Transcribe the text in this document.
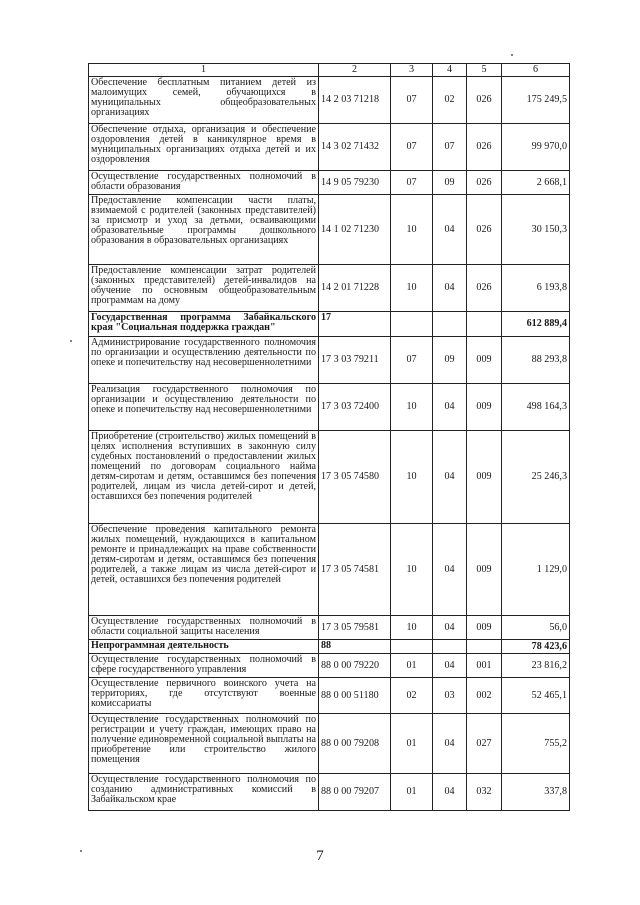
1	2	3	4	5	6
Обеспечение бесплатным питанием детей из малоимущих семей, обучающихся в муниципальных общеобразовательных организациях	14 2 03 71218	07	02	026	175 249,5
Обеспечение отдыха, организация и обеспечение оздоровления детей в каникулярное время в муниципальных организациях отдыха детей и их оздоровления	14 3 02 71432	07	07	026	99 970,0
Осуществление государственных полномочий в области образования	14 9 05 79230	07	09	026	2 668,1
Предоставление компенсации части платы, взимаемой с родителей (законных представителей) за присмотр и уход за детьми, осваивающими образовательные программы дошкольного образования в образовательных организациях	14 1 02 71230	10	04	026	30 150,3
Предоставление компенсации затрат родителей (законных представителей) детей-инвалидов на обучение по основным общеобразовательным программам на дому	14 2 01 71228	10	04	026	6 193,8
Государственная программа Забайкальского края "Социальная поддержка граждан"	17				612 889,4
Администрирование государственного полномочия по организации и осуществлению деятельности по опеке и попечительству над несовершеннолетними	17 3 03 79211	07	09	009	88 293,8
Реализация государственного полномочия по организации и осуществлению деятельности по опеке и попечительству над несовершеннолетними	17 3 03 72400	10	04	009	498 164,3
Приобретение (строительство) жилых помещений в целях исполнения вступивших в законную силу судебных постановлений о предоставлении жилых помещений по договорам социального найма детям-сиротам и детям, оставшимся без попечения родителей, лицам из числа детей-сирот и детей, оставшихся без попечения родителей	17 3 05 74580	10	04	009	25 246,3
Обеспечение проведения капитального ремонта жилых помещений, нуждающихся в капитальном ремонте и принадлежащих на праве собственности детям-сиротам и детям, оставшимся без попечения родителей, а также лицам из числа детей-сирот и детей, оставшихся без попечения родителей	17 3 05 74581	10	04	009	1 129,0
Осуществление государственных полномочий в области социальной защиты населения	17 3 05 79581	10	04	009	56,0
Непрограммная деятельность	88				78 423,6
Осуществление государственных полномочий в сфере государственного управления	88 0 00 79220	01	04	001	23 816,2
Осуществление первичного воинского учета на территориях, где отсутствуют военные комиссариаты	88 0 00 51180	02	03	002	52 465,1
Осуществление государственных полномочий по регистрации и учету граждан, имеющих право на получение единовременной социальной выплаты на приобретение или строительство жилого помещения	88 0 00 79208	01	04	027	755,2
Осуществление государственного полномочия по созданию административных комиссий в Забайкальском крае	88 0 00 79207	01	04	032	337,8
7
